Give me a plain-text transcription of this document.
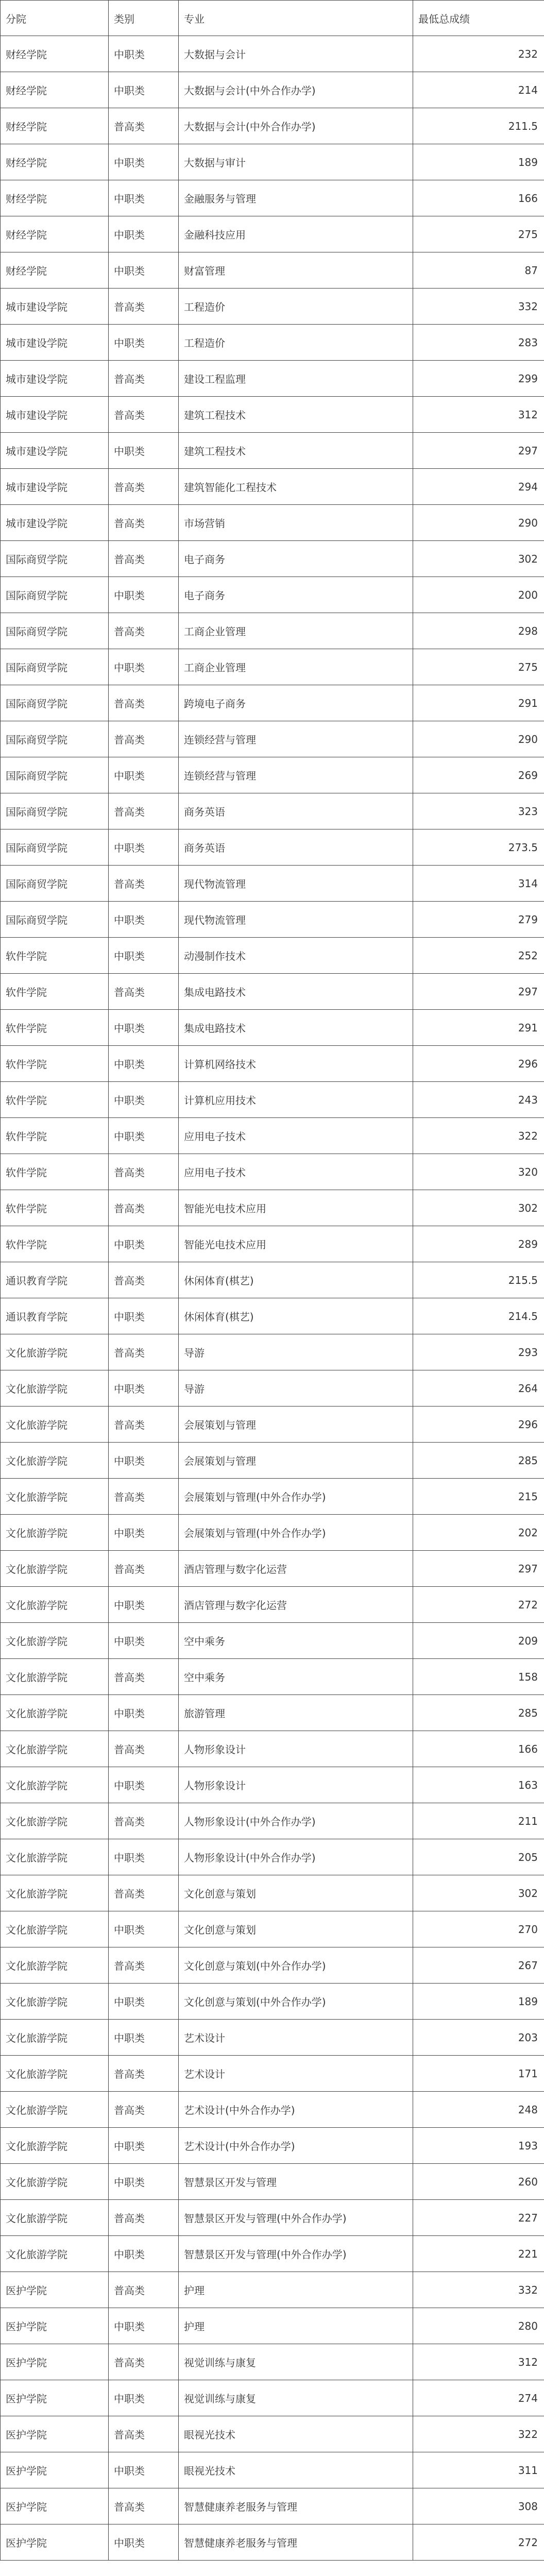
分院	类别	专业	最低总成绩
财经学院	中职类	大数据与会计	232
财经学院	中职类	大数据与会计(中外合作办学)	214
财经学院	普高类	大数据与会计(中外合作办学)	211.5
财经学院	中职类	大数据与审计	189
财经学院	中职类	金融服务与管理	166
财经学院	中职类	金融科技应用	275
财经学院	中职类	财富管理	87
城市建设学院	普高类	工程造价	332
城市建设学院	中职类	工程造价	283
城市建设学院	普高类	建设工程监理	299
城市建设学院	普高类	建筑工程技术	312
城市建设学院	中职类	建筑工程技术	297
城市建设学院	普高类	建筑智能化工程技术	294
城市建设学院	普高类	市场营销	290
国际商贸学院	普高类	电子商务	302
国际商贸学院	中职类	电子商务	200
国际商贸学院	普高类	工商企业管理	298
国际商贸学院	中职类	工商企业管理	275
国际商贸学院	普高类	跨境电子商务	291
国际商贸学院	普高类	连锁经营与管理	290
国际商贸学院	中职类	连锁经营与管理	269
国际商贸学院	普高类	商务英语	323
国际商贸学院	中职类	商务英语	273.5
国际商贸学院	普高类	现代物流管理	314
国际商贸学院	中职类	现代物流管理	279
软件学院	中职类	动漫制作技术	252
软件学院	普高类	集成电路技术	297
软件学院	中职类	集成电路技术	291
软件学院	中职类	计算机网络技术	296
软件学院	中职类	计算机应用技术	243
软件学院	中职类	应用电子技术	322
软件学院	普高类	应用电子技术	320
软件学院	普高类	智能光电技术应用	302
软件学院	中职类	智能光电技术应用	289
通识教育学院	普高类	休闲体育(棋艺)	215.5
通识教育学院	中职类	休闲体育(棋艺)	214.5
文化旅游学院	普高类	导游	293
文化旅游学院	中职类	导游	264
文化旅游学院	普高类	会展策划与管理	296
文化旅游学院	中职类	会展策划与管理	285
文化旅游学院	普高类	会展策划与管理(中外合作办学)	215
文化旅游学院	中职类	会展策划与管理(中外合作办学)	202
文化旅游学院	普高类	酒店管理与数字化运营	297
文化旅游学院	中职类	酒店管理与数字化运营	272
文化旅游学院	中职类	空中乘务	209
文化旅游学院	普高类	空中乘务	158
文化旅游学院	中职类	旅游管理	285
文化旅游学院	普高类	人物形象设计	166
文化旅游学院	中职类	人物形象设计	163
文化旅游学院	普高类	人物形象设计(中外合作办学)	211
文化旅游学院	中职类	人物形象设计(中外合作办学)	205
文化旅游学院	普高类	文化创意与策划	302
文化旅游学院	中职类	文化创意与策划	270
文化旅游学院	普高类	文化创意与策划(中外合作办学)	267
文化旅游学院	中职类	文化创意与策划(中外合作办学)	189
文化旅游学院	中职类	艺术设计	203
文化旅游学院	普高类	艺术设计	171
文化旅游学院	普高类	艺术设计(中外合作办学)	248
文化旅游学院	中职类	艺术设计(中外合作办学)	193
文化旅游学院	中职类	智慧景区开发与管理	260
文化旅游学院	普高类	智慧景区开发与管理(中外合作办学)	227
文化旅游学院	中职类	智慧景区开发与管理(中外合作办学)	221
医护学院	普高类	护理	332
医护学院	中职类	护理	280
医护学院	普高类	视觉训练与康复	312
医护学院	中职类	视觉训练与康复	274
医护学院	普高类	眼视光技术	322
医护学院	中职类	眼视光技术	311
医护学院	普高类	智慧健康养老服务与管理	308
医护学院	中职类	智慧健康养老服务与管理	272
